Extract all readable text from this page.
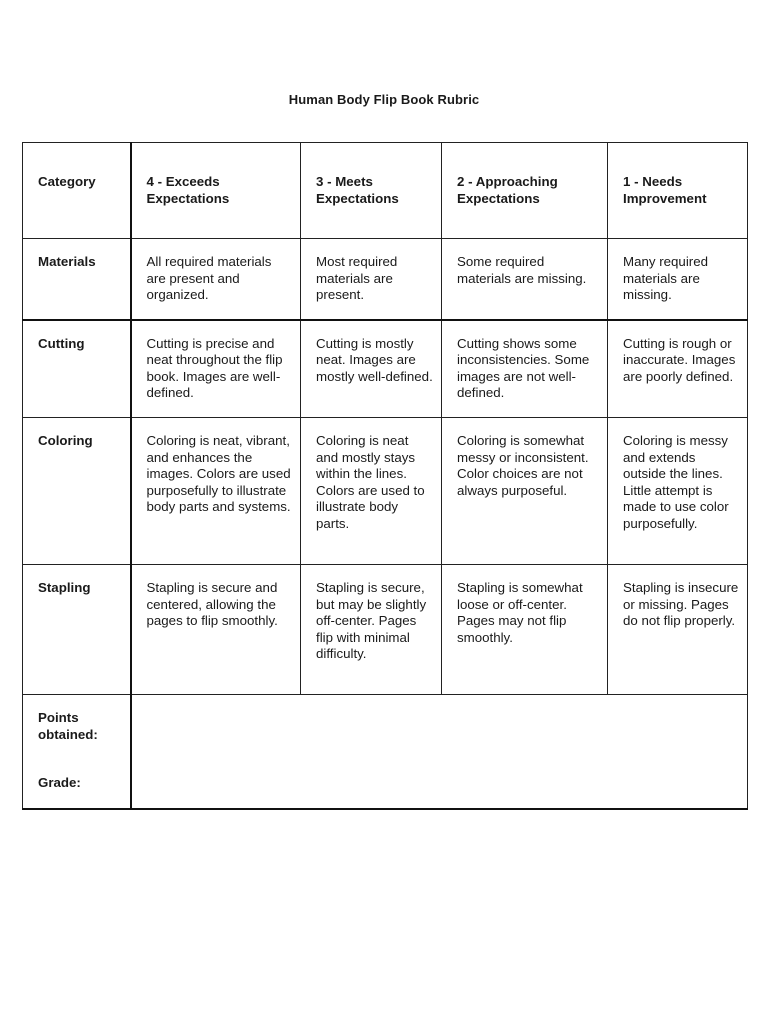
Human Body Flip Book Rubric
Category	4 - Exceeds Expectations	3 - Meets Expectations	2 - Approaching Expectations	1 - Needs Improvement
Materials	All required materials are present and organized.	Most required materials are present.	Some required materials are missing.	Many required materials are missing.
Cutting	Cutting is precise and neat throughout the flip book. Images are well-defined.	Cutting is mostly neat. Images are mostly well-defined.	Cutting shows some inconsistencies. Some images are not well-defined.	Cutting is rough or inaccurate. Images are poorly defined.
Coloring	Coloring is neat, vibrant, and enhances the images. Colors are used purposefully to illustrate body parts and systems.	Coloring is neat and mostly stays within the lines. Colors are used to illustrate body parts.	Coloring is somewhat messy or inconsistent. Color choices are not always purposeful.	Coloring is messy and extends outside the lines. Little attempt is made to use color purposefully.
Stapling	Stapling is secure and centered, allowing the pages to flip smoothly.	Stapling is secure, but may be slightly off-center. Pages flip with minimal difficulty.	Stapling is somewhat loose or off-center. Pages may not flip smoothly.	Stapling is insecure or missing. Pages do not flip properly.

Points obtained:
Grade:				
